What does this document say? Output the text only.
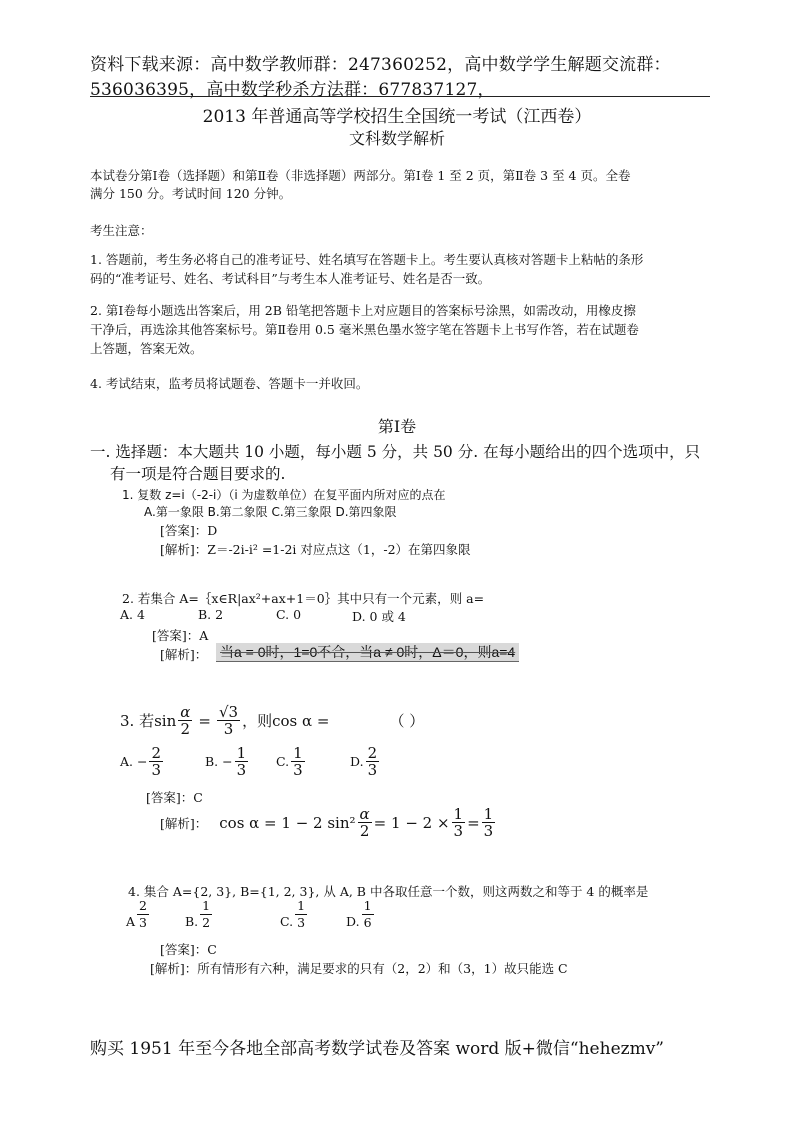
资料下载来源：高中数学教师群：247360252，高中数学学生解题交流群：
536036395，高中数学秒杀方法群：677837127，
2013 年普通高等学校招生全国统一考试（江西卷）
文科数学解析
本试卷分第Ⅰ卷（选择题）和第Ⅱ卷（非选择题）两部分。第Ⅰ卷 1 至 2 页，第Ⅱ卷 3 至 4 页。全卷
满分 150 分。考试时间 120 分钟。
考生注意：
1. 答题前，考生务必将自己的准考证号、姓名填写在答题卡上。考生要认真核对答题卡上粘帖的条形
码的“准考证号、姓名、考试科目”与考生本人准考证号、姓名是否一致。
2. 第Ⅰ卷每小题选出答案后，用 2B 铅笔把答题卡上对应题目的答案标号涂黑，如需改动，用橡皮擦
干净后，再选涂其他答案标号。第Ⅱ卷用 0.5 毫米黑色墨水签字笔在答题卡上书写作答，若在试题卷
上答题，答案无效。
4. 考试结束，监考员将试题卷、答题卡一并收回。
第Ⅰ卷
一. 选择题：本大题共 10 小题，每小题 5 分，共 50 分. 在每小题给出的四个选项中，只
有一项是符合题目要求的.
1. 复数 z=i（-2-i）（i 为虚数单位）在复平面内所对应的点在
A.第一象限 B.第二象限 C.第三象限 D.第四象限
[答案]：D
[解析]：Z＝-2i-i² =1-2i 对应点这（1，-2）在第四象限
2. 若集合 A=｛x∈R|ax²+ax+1＝0｝其中只有一个元素，则 a=
A. 4	B. 2	C. 0	D. 0 或 4
[答案]：A
[解析]： 当a = 0时，1=0不合，当a ≠ 0时，Δ＝0，则a=4
3. 若$\sin \frac{\alpha}{2} = \frac{√3}{3}$ ，则cos α =	（ ）
A. − $\frac{2}{3}$	B. − $\frac{1}{3} C$. $\frac{1}{3}$	D. $\frac{2}{3}$
[答案]：C
[解析]： cos α = 1 − 2 $\sin^2 \frac{\alpha}{2} = 1 - 2 \times \frac{1}{3} = \frac{1}{3}$
4. 集合 A={2, 3}, B={1, 2, 3}, 从 A, B 中各取任意一个数，则这两数之和等于 4 的概率是
A $\frac{2}{3}$	B. $\frac{1}{2}$	C. $\frac{1}{3}$	D. $\frac{1}{6}$
[答案]：C
[解析]：所有情形有六种，满足要求的只有（2，2）和（3，1）故只能选 C
购买 1951 年至今各地全部高考数学试卷及答案 word 版+微信“hehezmv”
